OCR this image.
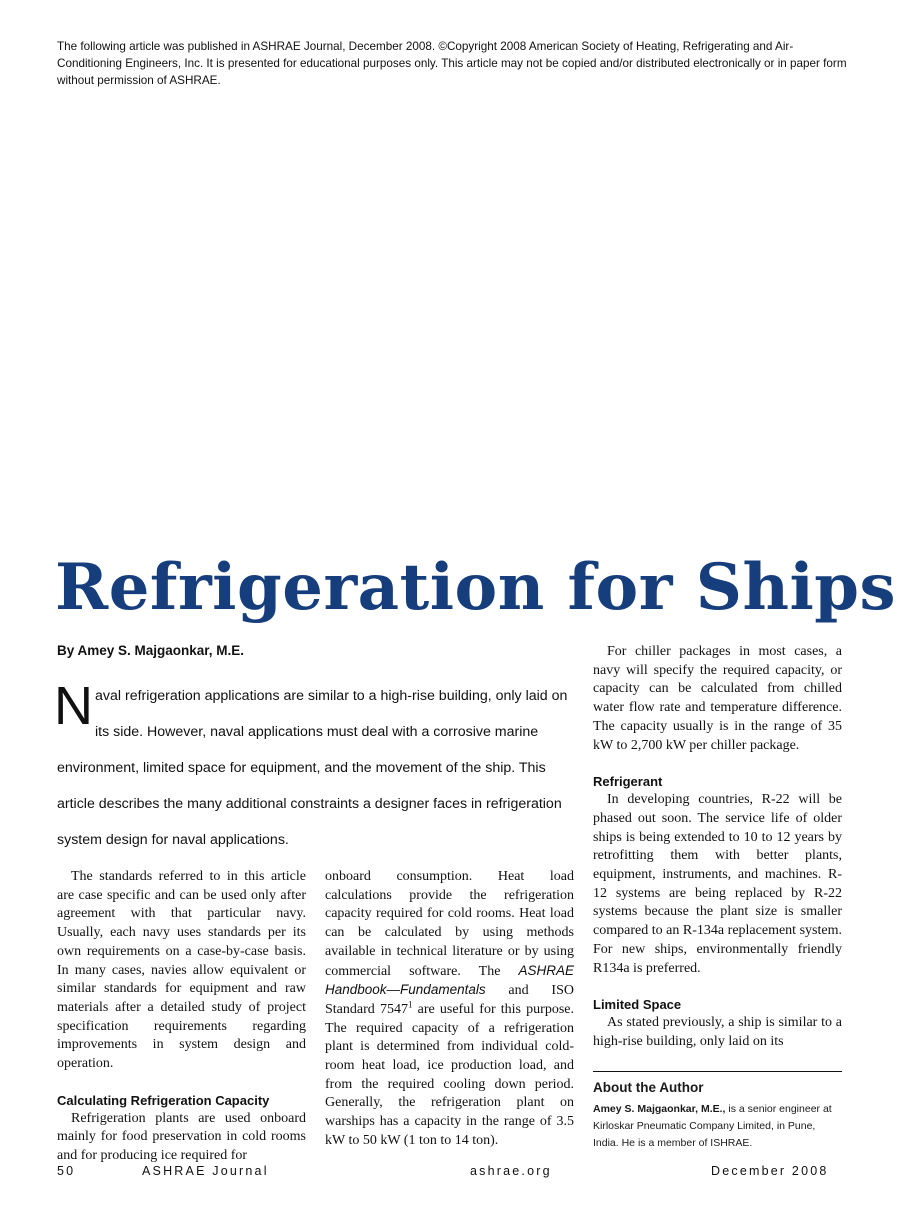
The following article was published in ASHRAE Journal, December 2008. ©Copyright 2008 American Society of Heating, Refrigerating and Air-Conditioning Engineers, Inc. It is presented for educational purposes only. This article may not be copied and/or distributed electronically or in paper form without permission of ASHRAE.
Refrigeration for Ships
By Amey S. Majgaonkar, M.E.
Naval refrigeration applications are similar to a high-rise building, only laid on its side. However, naval applications must deal with a corrosive marine environment, limited space for equipment, and the movement of the ship. This article describes the many additional constraints a designer faces in refrigeration system design for naval applications.

The standards referred to in this article are case specific and can be used only after agreement with that particular navy. Usually, each navy uses standards per its own requirements on a case-by-case basis. In many cases, navies allow equivalent or similar standards for equipment and raw materials after a detailed study of project specification requirements regarding improvements in system design and operation.

Calculating Refrigeration Capacity

Refrigeration plants are used onboard mainly for food preservation in cold rooms and for producing ice required for

onboard consumption. Heat load calculations provide the refrigeration capacity required for cold rooms. Heat load can be calculated by using methods available in technical literature or by using commercial software. The ASHRAE Handbook—Fundamentals and ISO Standard 7547$^1$ are useful for this purpose. The required capacity of a refrigeration plant is determined from individual cold-room heat load, ice production load, and from the required cooling down period. Generally, the refrigeration plant on warships has a capacity in the range of 3.5 kW to 50 kW (1 ton to 14 ton).

For chiller packages in most cases, a navy will specify the required capacity, or capacity can be calculated from chilled water flow rate and temperature difference. The capacity usually is in the range of 35 kW to 2,700 kW per chiller package.

Refrigerant

In developing countries, R-22 will be phased out soon. The service life of older ships is being extended to 10 to 12 years by retrofitting them with better plants, equipment, instruments, and machines. R-12 systems are being replaced by R-22 systems because the plant size is smaller compared to an R-134a replacement system. For new ships, environmentally friendly R134a is preferred.

Limited Space

As stated previously, a ship is similar to a high-rise building, only laid on its

About the Author

Amey S. Majgaonkar, M.E., is a senior engineer at Kirloskar Pneumatic Company Limited, in Pune, India. He is a member of ISHRAE.

50	ASHRAE Journal	ashrae.org	December 2008
